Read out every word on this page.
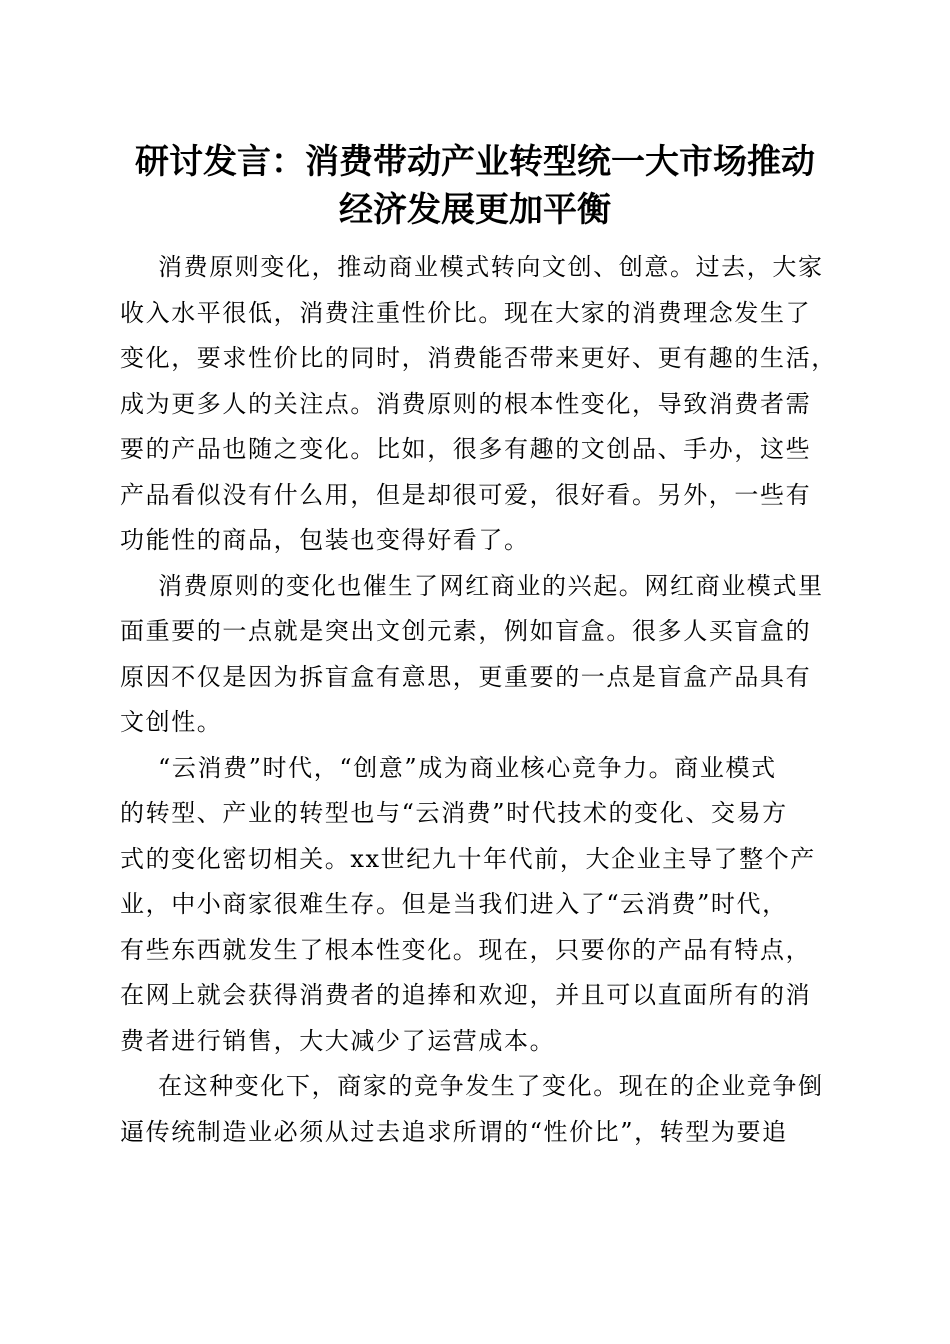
研讨发言：消费带动产业转型统一大市场推动
经济发展更加平衡

消费原则变化，推动商业模式转向文创、创意。过去，大家
收入水平很低，消费注重性价比。现在大家的消费理念发生了
变化，要求性价比的同时，消费能否带来更好、更有趣的生活，
成为更多人的关注点。消费原则的根本性变化，导致消费者需
要的产品也随之变化。比如，很多有趣的文创品、手办，这些
产品看似没有什么用，但是却很可爱，很好看。另外，一些有
功能性的商品，包装也变得好看了。

消费原则的变化也催生了网红商业的兴起。网红商业模式里
面重要的一点就是突出文创元素，例如盲盒。很多人买盲盒的
原因不仅是因为拆盲盒有意思，更重要的一点是盲盒产品具有
文创性。

“云消费”时代，“创意”成为商业核心竞争力。商业模式
的转型、产业的转型也与“云消费”时代技术的变化、交易方
式的变化密切相关。xx世纪九十年代前，大企业主导了整个产
业，中小商家很难生存。但是当我们进入了“云消费”时代，
有些东西就发生了根本性变化。现在，只要你的产品有特点，
在网上就会获得消费者的追捧和欢迎，并且可以直面所有的消
费者进行销售，大大减少了运营成本。

在这种变化下，商家的竞争发生了变化。现在的企业竞争倒
逼传统制造业必须从过去追求所谓的“性价比”，转型为要追
